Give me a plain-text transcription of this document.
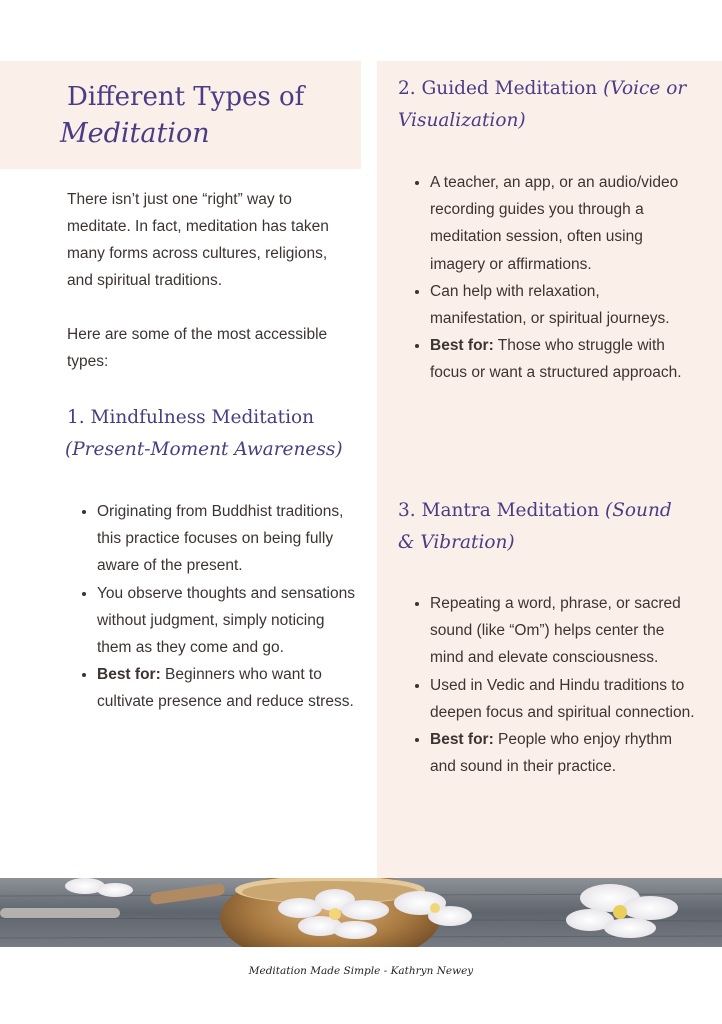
Different Types of
Meditation

There isn’t just one “right” way to meditate. In fact, meditation has taken many forms across cultures, religions, and spiritual traditions.

Here are some of the most accessible types:

1. Mindfulness Meditation
(Present-Moment Awareness)
• Originating from Buddhist traditions, this practice focuses on being fully aware of the present.
• You observe thoughts and sensations without judgment, simply noticing them as they come and go.
• Best for: Beginners who want to cultivate presence and reduce stress.
2. Guided Meditation (Voice or Visualization)
• A teacher, an app, or an audio/video recording guides you through a meditation session, often using imagery or affirmations.
• Can help with relaxation, manifestation, or spiritual journeys.
• Best for: Those who struggle with focus or want a structured approach.
3. Mantra Meditation (Sound & Vibration)
• Repeating a word, phrase, or sacred sound (like “Om”) helps center the mind and elevate consciousness.
• Used in Vedic and Hindu traditions to deepen focus and spiritual connection.
• Best for: People who enjoy rhythm and sound in their practice.
Meditation Made Simple - Kathryn Newey
